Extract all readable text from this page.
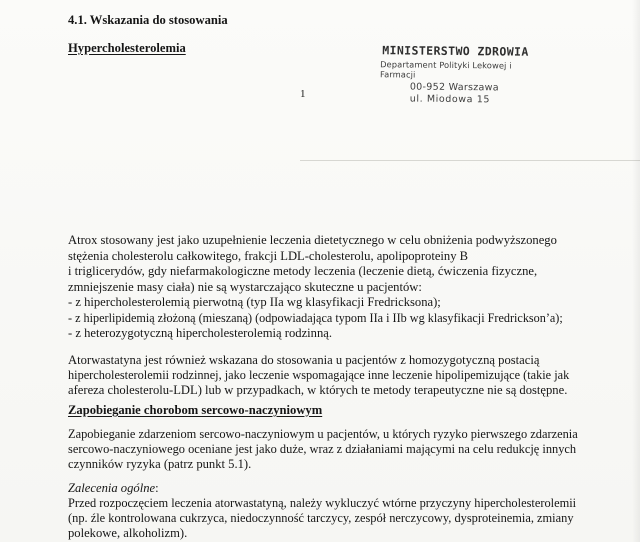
4.1. Wskazania do stosowania

Hypercholesterolemia

1

MINISTERSTWO ZDROWIA
Departament Polityki Lekowej i Farmacji
00-952 Warszawa
ul. Miodowa 15

Atrox stosowany jest jako uzupełnienie leczenia dietetycznego w celu obniżenia podwyższonego

stężenia cholesterolu całkowitego, frakcji LDL-cholesterolu, apolipoproteiny B

i triglicerydów, gdy niefarmakologiczne metody leczenia (leczenie dietą, ćwiczenia fizyczne,

zmniejszenie masy ciała) nie są wystarczająco skuteczne u pacjentów:

- z hipercholesterolemią pierwotną (typ IIa wg klasyfikacji Fredricksona);

- z hiperlipidemią złożoną (mieszaną) (odpowiadająca typom IIa i IIb wg klasyfikacji Fredrickson’a);

- z heterozygotyczną hipercholesterolemią rodzinną.

Atorwastatyna jest również wskazana do stosowania u pacjentów z homozygotyczną postacią

hipercholesterolemii rodzinnej, jako leczenie wspomagające inne leczenie hipolipemizujące (takie jak

afereza cholesterolu-LDL) lub w przypadkach, w których te metody terapeutyczne nie są dostępne.

Zapobieganie chorobom sercowo-naczyniowym

Zapobieganie zdarzeniom sercowo-naczyniowym u pacjentów, u których ryzyko pierwszego zdarzenia

sercowo-naczyniowego oceniane jest jako duże, wraz z działaniami mającymi na celu redukcję innych

czynników ryzyka (patrz punkt 5.1).

Zalecenia ogólne:

Przed rozpoczęciem leczenia atorwastatyną, należy wykluczyć wtórne przyczyny hipercholesterolemii

(np. źle kontrolowana cukrzyca, niedoczynność tarczycy, zespół nerczycowy, dysproteinemia, zmiany

polekowe, alkoholizm).
